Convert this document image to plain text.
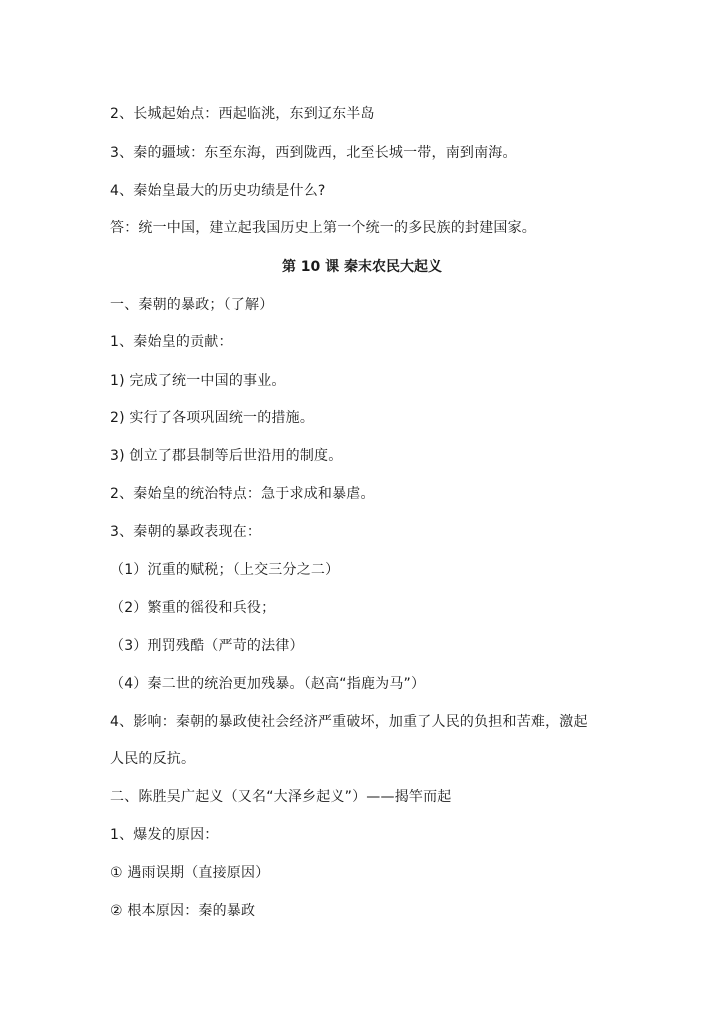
2、长城起始点：西起临洮，东到辽东半岛
3、秦的疆域：东至东海，西到陇西，北至长城一带，南到南海。
4、秦始皇最大的历史功绩是什么?
答：统一中国，建立起我国历史上第一个统一的多民族的封建国家。
第 10 课 秦末农民大起义
一、秦朝的暴政；（了解）
1、秦始皇的贡献：
1) 完成了统一中国的事业。
2) 实行了各项巩固统一的措施。
3) 创立了郡县制等后世沿用的制度。
2、秦始皇的统治特点：急于求成和暴虐。
3、秦朝的暴政表现在：
（1）沉重的赋税；（上交三分之二）
（2）繁重的徭役和兵役；
（3）刑罚残酷（严苛的法律）
（4）秦二世的统治更加残暴。（赵高“指鹿为马”）
4、影响：秦朝的暴政使社会经济严重破坏，加重了人民的负担和苦难，激起
人民的反抗。
二、陈胜吴广起义（又名“大泽乡起义”）——揭竿而起
1、爆发的原因：
① 遇雨误期（直接原因）
② 根本原因：秦的暴政
